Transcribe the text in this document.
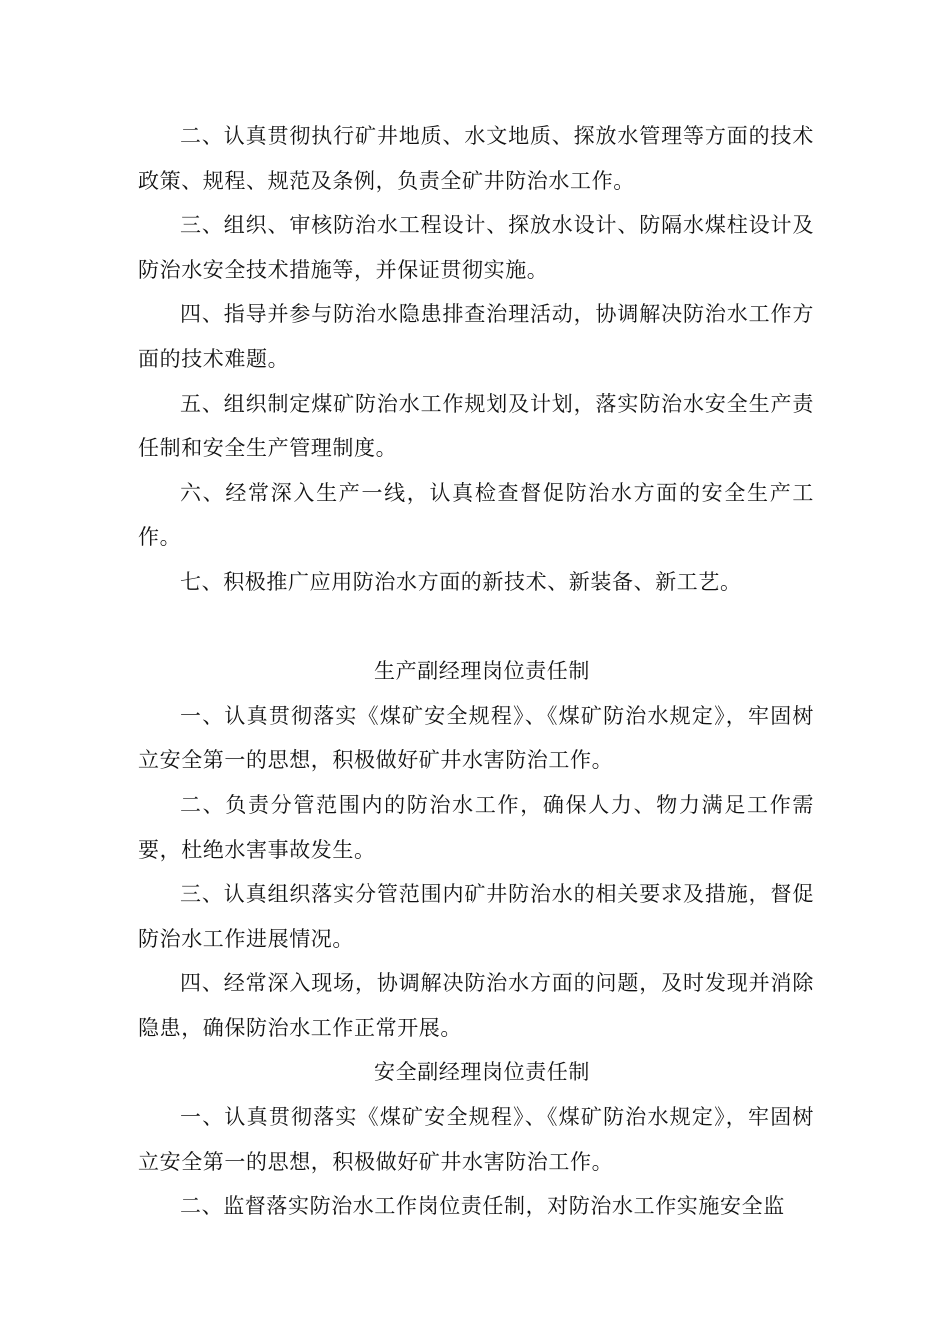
二、认真贯彻执行矿井地质、水文地质、探放水管理等方面的技术政策、规程、规范及条例，负责全矿井防治水工作。

三、组织、审核防治水工程设计、探放水设计、防隔水煤柱设计及防治水安全技术措施等，并保证贯彻实施。

四、指导并参与防治水隐患排查治理活动，协调解决防治水工作方面的技术难题。

五、组织制定煤矿防治水工作规划及计划，落实防治水安全生产责任制和安全生产管理制度。

六、经常深入生产一线，认真检查督促防治水方面的安全生产工作。

七、积极推广应用防治水方面的新技术、新装备、新工艺。

生产副经理岗位责任制

一、认真贯彻落实《煤矿安全规程》、《煤矿防治水规定》，牢固树立安全第一的思想，积极做好矿井水害防治工作。

二、负责分管范围内的防治水工作，确保人力、物力满足工作需要，杜绝水害事故发生。

三、认真组织落实分管范围内矿井防治水的相关要求及措施，督促防治水工作进展情况。

四、经常深入现场，协调解决防治水方面的问题，及时发现并消除隐患，确保防治水工作正常开展。

安全副经理岗位责任制

一、认真贯彻落实《煤矿安全规程》、《煤矿防治水规定》，牢固树立安全第一的思想，积极做好矿井水害防治工作。

二、监督落实防治水工作岗位责任制，对防治水工作实施安全监
